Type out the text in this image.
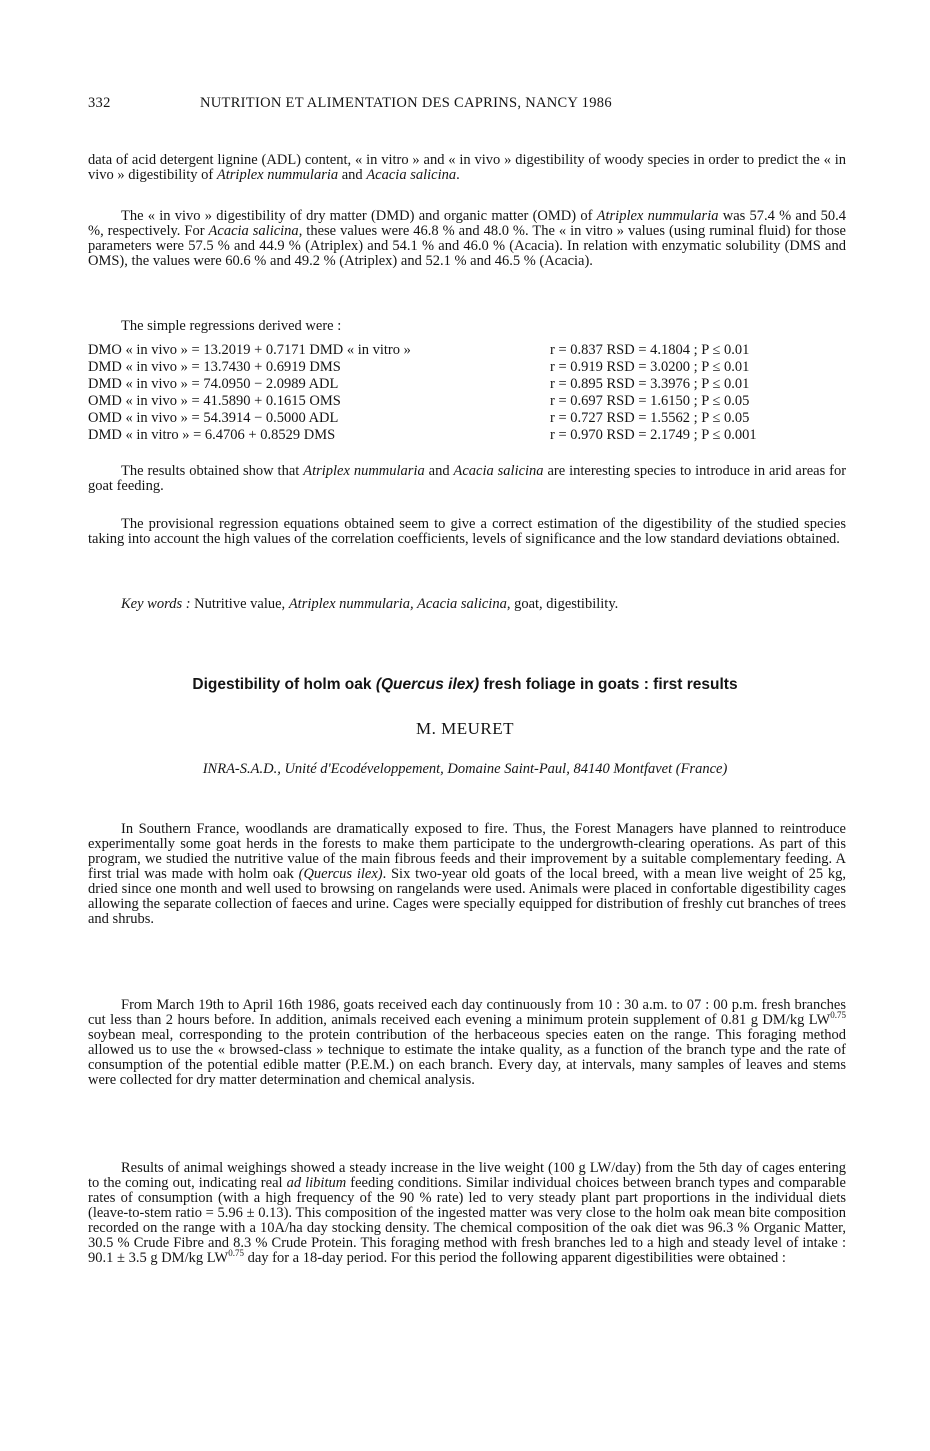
332	NUTRITION ET ALIMENTATION DES CAPRINS, NANCY 1986

data of acid detergent lignine (ADL) content, « in vitro » and « in vivo » digestibility of woody species in order to predict the « in vivo » digestibility of Atriplex nummularia and Acacia salicina.

The « in vivo » digestibility of dry matter (DMD) and organic matter (OMD) of Atriplex nummularia was 57.4 % and 50.4 %, respectively. For Acacia salicina, these values were 46.8 % and 48.0 %. The « in vitro » values (using ruminal fluid) for those parameters were 57.5 % and 44.9 % (Atriplex) and 54.1 % and 46.0 % (Acacia). In relation with enzymatic solubility (DMS and OMS), the values were 60.6 % and 49.2 % (Atriplex) and 52.1 % and 46.5 % (Acacia).

The simple regressions derived were :
DMO « in vivo » = 13.2019 + 0.7171 DMD « in vitro »	r = 0.837 RSD = 4.1804 ; P ≤ 0.01
DMD « in vivo » = 13.7430 + 0.6919 DMS	r = 0.919 RSD = 3.0200 ; P ≤ 0.01
DMD « in vivo » = 74.0950 − 2.0989 ADL	r = 0.895 RSD = 3.3976 ; P ≤ 0.01
OMD « in vivo » = 41.5890 + 0.1615 OMS	r = 0.697 RSD = 1.6150 ; P ≤ 0.05
OMD « in vivo » = 54.3914 − 0.5000 ADL	r = 0.727 RSD = 1.5562 ; P ≤ 0.05
DMD « in vitro » = 6.4706 + 0.8529 DMS	r = 0.970 RSD = 2.1749 ; P ≤ 0.001

The results obtained show that Atriplex nummularia and Acacia salicina are interesting species to introduce in arid areas for goat feeding.

The provisional regression equations obtained seem to give a correct estimation of the digestibility of the studied species taking into account the high values of the correlation coefficients, levels of significance and the low standard deviations obtained.

Key words : Nutritive value, Atriplex nummularia, Acacia salicina, goat, digestibility.
Digestibility of holm oak (Quercus ilex) fresh foliage in goats : first results
M. MEURET
INRA-S.A.D., Unité d'Ecodéveloppement, Domaine Saint-Paul, 84140 Montfavet (France)

In Southern France, woodlands are dramatically exposed to fire. Thus, the Forest Managers have planned to reintroduce experimentally some goat herds in the forests to make them participate to the undergrowth-clearing operations. As part of this program, we studied the nutritive value of the main fibrous feeds and their improvement by a suitable complementary feeding. A first trial was made with holm oak (Quercus ilex). Six two-year old goats of the local breed, with a mean live weight of 25 kg, dried since one month and well used to browsing on rangelands were used. Animals were placed in confortable digestibility cages allowing the separate collection of faeces and urine. Cages were specially equipped for distribution of freshly cut branches of trees and shrubs.

From March 19th to April 16th 1986, goats received each day continuously from 10 : 30 a.m. to 07 : 00 p.m. fresh branches cut less than 2 hours before. In addition, animals received each evening a minimum protein supplement of 0.81 g DM/kg $LW^{0.75}$ soybean meal, corresponding to the protein contribution of the herbaceous species eaten on the range. This foraging method allowed us to use the « browsed-class » technique to estimate the intake quality, as a function of the branch type and the rate of consumption of the potential edible matter (P.E.M.) on each branch. Every day, at intervals, many samples of leaves and stems were collected for dry matter determination and chemical analysis.

Results of animal weighings showed a steady increase in the live weight (100 g LW/day) from the 5th day of cages entering to the coming out, indicating real ad libitum feeding conditions. Similar individual choices between branch types and comparable rates of consumption (with a high frequency of the 90 % rate) led to very steady plant part proportions in the individual diets (leave-to-stem ratio = 5.96 ± 0.13). This composition of the ingested matter was very close to the holm oak mean bite composition recorded on the range with a 10A/ha day stocking density. The chemical composition of the oak diet was 96.3 % Organic Matter, 30.5 % Crude Fibre and 8.3 % Crude Protein. This foraging method with fresh branches led to a high and steady level of intake : 90.1 ± 3.5 g DM/kg $LW^{0.75}$ day for a 18-day period. For this period the following apparent digestibilities were obtained :
